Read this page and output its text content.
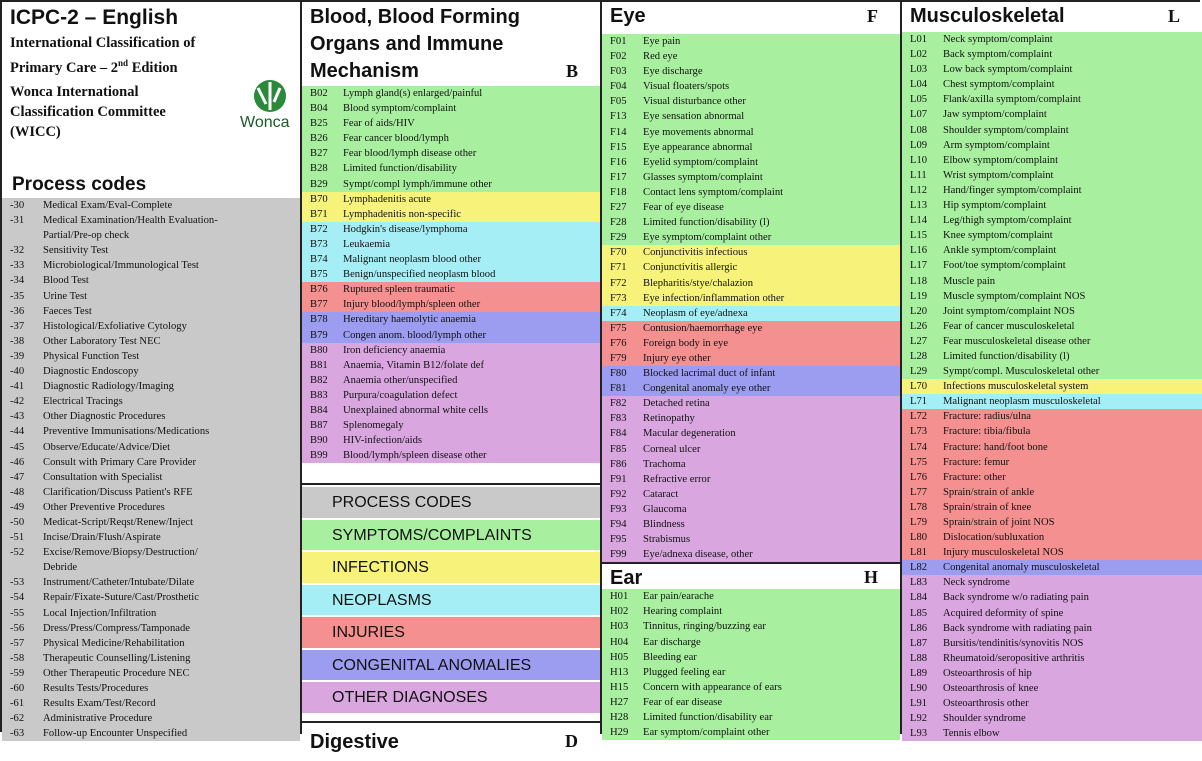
ICPC-2 – English
International Classification of
Primary Care – 2nd Edition
Wonca International
Classification Committee
(WICC)
Wonca
Process codes
-30 Medical Exam/Eval-Complete
-31 Medical Examination/Health Evaluation-
Partial/Pre-op check
-32 Sensitivity Test
-33 Microbiological/Immunological Test
-34 Blood Test
-35 Urine Test
-36 Faeces Test
-37 Histological/Exfoliative Cytology
-38 Other Laboratory Test NEC
-39 Physical Function Test
-40 Diagnostic Endoscopy
-41 Diagnostic Radiology/Imaging
-42 Electrical Tracings
-43 Other Diagnostic Procedures
-44 Preventive Immunisations/Medications
-45 Observe/Educate/Advice/Diet
-46 Consult with Primary Care Provider
-47 Consultation with Specialist
-48 Clarification/Discuss Patient's RFE
-49 Other Preventive Procedures
-50 Medicat-Script/Reqst/Renew/Inject
-51 Incise/Drain/Flush/Aspirate
-52 Excise/Remove/Biopsy/Destruction/
Debride
-53 Instrument/Catheter/Intubate/Dilate
-54 Repair/Fixate-Suture/Cast/Prosthetic
-55 Local Injection/Infiltration
-56 Dress/Press/Compress/Tamponade
-57 Physical Medicine/Rehabilitation
-58 Therapeutic Counselling/Listening
-59 Other Therapeutic Procedure NEC
-60 Results Tests/Procedures
-61 Results Exam/Test/Record
-62 Administrative Procedure
-63 Follow-up Encounter Unspecified
Blood, Blood Forming
Organs and Immune
Mechanism	B
B02 Lymph gland(s) enlarged/painful
B04 Blood symptom/complaint
B25 Fear of aids/HIV
B26 Fear cancer blood/lymph
B27 Fear blood/lymph disease other
B28 Limited function/disability
B29 Sympt/compl lymph/immune other
B70 Lymphadenitis acute
B71 Lymphadenitis non-specific
B72 Hodgkin's disease/lymphoma
B73 Leukaemia
B74 Malignant neoplasm blood other
B75 Benign/unspecified neoplasm blood
B76 Ruptured spleen traumatic
B77 Injury blood/lymph/spleen other
B78 Hereditary haemolytic anaemia
B79 Congen anom. blood/lymph other
B80 Iron deficiency anaemia
B81 Anaemia, Vitamin B12/folate def
B82 Anaemia other/unspecified
B83 Purpura/coagulation defect
B84 Unexplained abnormal white cells
B87 Splenomegaly
B90 HIV-infection/aids
B99 Blood/lymph/spleen disease other
PROCESS CODES
SYMPTOMS/COMPLAINTS
INFECTIONS
NEOPLASMS
INJURIES
CONGENITAL ANOMALIES
OTHER DIAGNOSES
Digestive	D
Eye	F
F01 Eye pain
F02 Red eye
F03 Eye discharge
F04 Visual floaters/spots
F05 Visual disturbance other
F13 Eye sensation abnormal
F14 Eye movements abnormal
F15 Eye appearance abnormal
F16 Eyelid symptom/complaint
F17 Glasses symptom/complaint
F18 Contact lens symptom/complaint
F27 Fear of eye disease
F28 Limited function/disability (l)
F29 Eye symptom/complaint other
F70 Conjunctivitis infectious
F71 Conjunctivitis allergic
F72 Blepharitis/stye/chalazion
F73 Eye infection/inflammation other
F74 Neoplasm of eye/adnexa
F75 Contusion/haemorrhage eye
F76 Foreign body in eye
F79 Injury eye other
F80 Blocked lacrimal duct of infant
F81 Congenital anomaly eye other
F82 Detached retina
F83 Retinopathy
F84 Macular degeneration
F85 Corneal ulcer
F86 Trachoma
F91 Refractive error
F92 Cataract
F93 Glaucoma
F94 Blindness
F95 Strabismus
F99 Eye/adnexa disease, other
Ear	H
H01 Ear pain/earache
H02 Hearing complaint
H03 Tinnitus, ringing/buzzing ear
H04 Ear discharge
H05 Bleeding ear
H13 Plugged feeling ear
H15 Concern with appearance of ears
H27 Fear of ear disease
H28 Limited function/disability ear
H29 Ear symptom/complaint other
Musculoskeletal	L
L01 Neck symptom/complaint
L02 Back symptom/complaint
L03 Low back symptom/complaint
L04 Chest symptom/complaint
L05 Flank/axilla symptom/complaint
L07 Jaw symptom/complaint
L08 Shoulder symptom/complaint
L09 Arm symptom/complaint
L10 Elbow symptom/complaint
L11 Wrist symptom/complaint
L12 Hand/finger symptom/complaint
L13 Hip symptom/complaint
L14 Leg/thigh symptom/complaint
L15 Knee symptom/complaint
L16 Ankle symptom/complaint
L17 Foot/toe symptom/complaint
L18 Muscle pain
L19 Muscle symptom/complaint NOS
L20 Joint symptom/complaint NOS
L26 Fear of cancer musculoskeletal
L27 Fear musculoskeletal disease other
L28 Limited function/disability (l)
L29 Sympt/compl. Musculoskeletal other
L70 Infections musculoskeletal system
L71 Malignant neoplasm musculoskeletal
L72 Fracture: radius/ulna
L73 Fracture: tibia/fibula
L74 Fracture: hand/foot bone
L75 Fracture: femur
L76 Fracture: other
L77 Sprain/strain of ankle
L78 Sprain/strain of knee
L79 Sprain/strain of joint NOS
L80 Dislocation/subluxation
L81 Injury musculoskeletal NOS
L82 Congenital anomaly musculoskeletal
L83 Neck syndrome
L84 Back syndrome w/o radiating pain
L85 Acquired deformity of spine
L86 Back syndrome with radiating pain
L87 Bursitis/tendinitis/synovitis NOS
L88 Rheumatoid/seropositive arthritis
L89 Osteoarthrosis of hip
L90 Osteoarthrosis of knee
L91 Osteoarthrosis other
L92 Shoulder syndrome
L93 Tennis elbow
